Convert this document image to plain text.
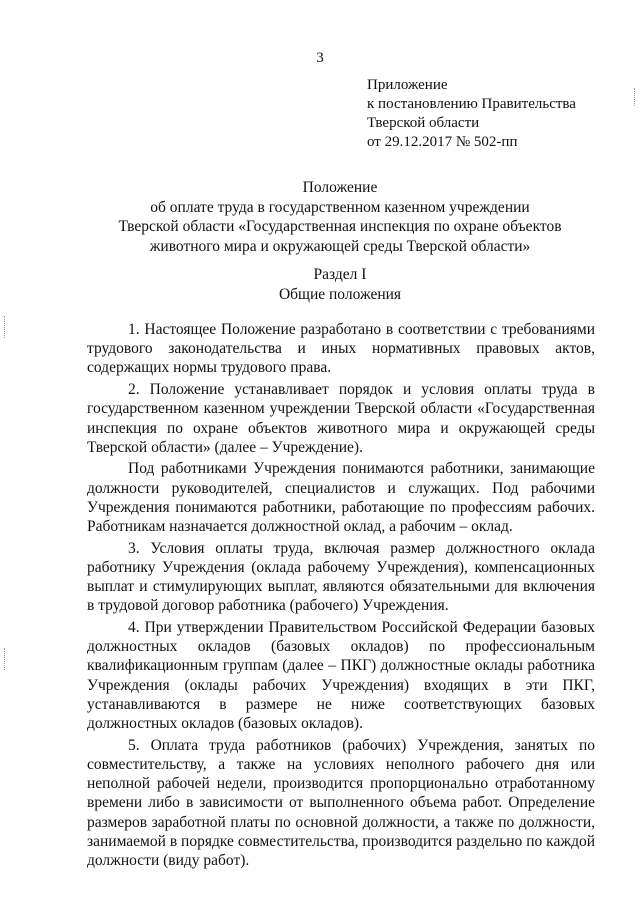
3
Приложение
к постановлению Правительства
Тверской области
от 29.12.2017 № 502-пп
Положение
об оплате труда в государственном казенном учреждении
Тверской области «Государственная инспекция по охране объектов
животного мира и окружающей среды Тверской области»
Раздел I
Общие положения

1. Настоящее Положение разработано в соответствии с требованиями трудового законодательства и иных нормативных правовых актов, содержащих нормы трудового права.

2. Положение устанавливает порядок и условия оплаты труда в государственном казенном учреждении Тверской области «Государственная инспекция по охране объектов животного мира и окружающей среды Тверской области» (далее – Учреждение).

Под работниками Учреждения понимаются работники, занимающие должности руководителей, специалистов и служащих. Под рабочими Учреждения понимаются работники, работающие по профессиям рабочих. Работникам назначается должностной оклад, а рабочим – оклад.

3. Условия оплаты труда, включая размер должностного оклада работнику Учреждения (оклада рабочему Учреждения), компенсационных выплат и стимулирующих выплат, являются обязательными для включения в трудовой договор работника (рабочего) Учреждения.

4. При утверждении Правительством Российской Федерации базовых должностных окладов (базовых окладов) по профессиональным квалификационным группам (далее – ПКГ) должностные оклады работника Учреждения (оклады рабочих Учреждения) входящих в эти ПКГ, устанавливаются в размере не ниже соответствующих базовых должностных окладов (базовых окладов).

5. Оплата труда работников (рабочих) Учреждения, занятых по совместительству, а также на условиях неполного рабочего дня или неполной рабочей недели, производится пропорционально отработанному времени либо в зависимости от выполненного объема работ. Определение размеров заработной платы по основной должности, а также по должности, занимаемой в порядке совместительства, производится раздельно по каждой должности (виду работ).
